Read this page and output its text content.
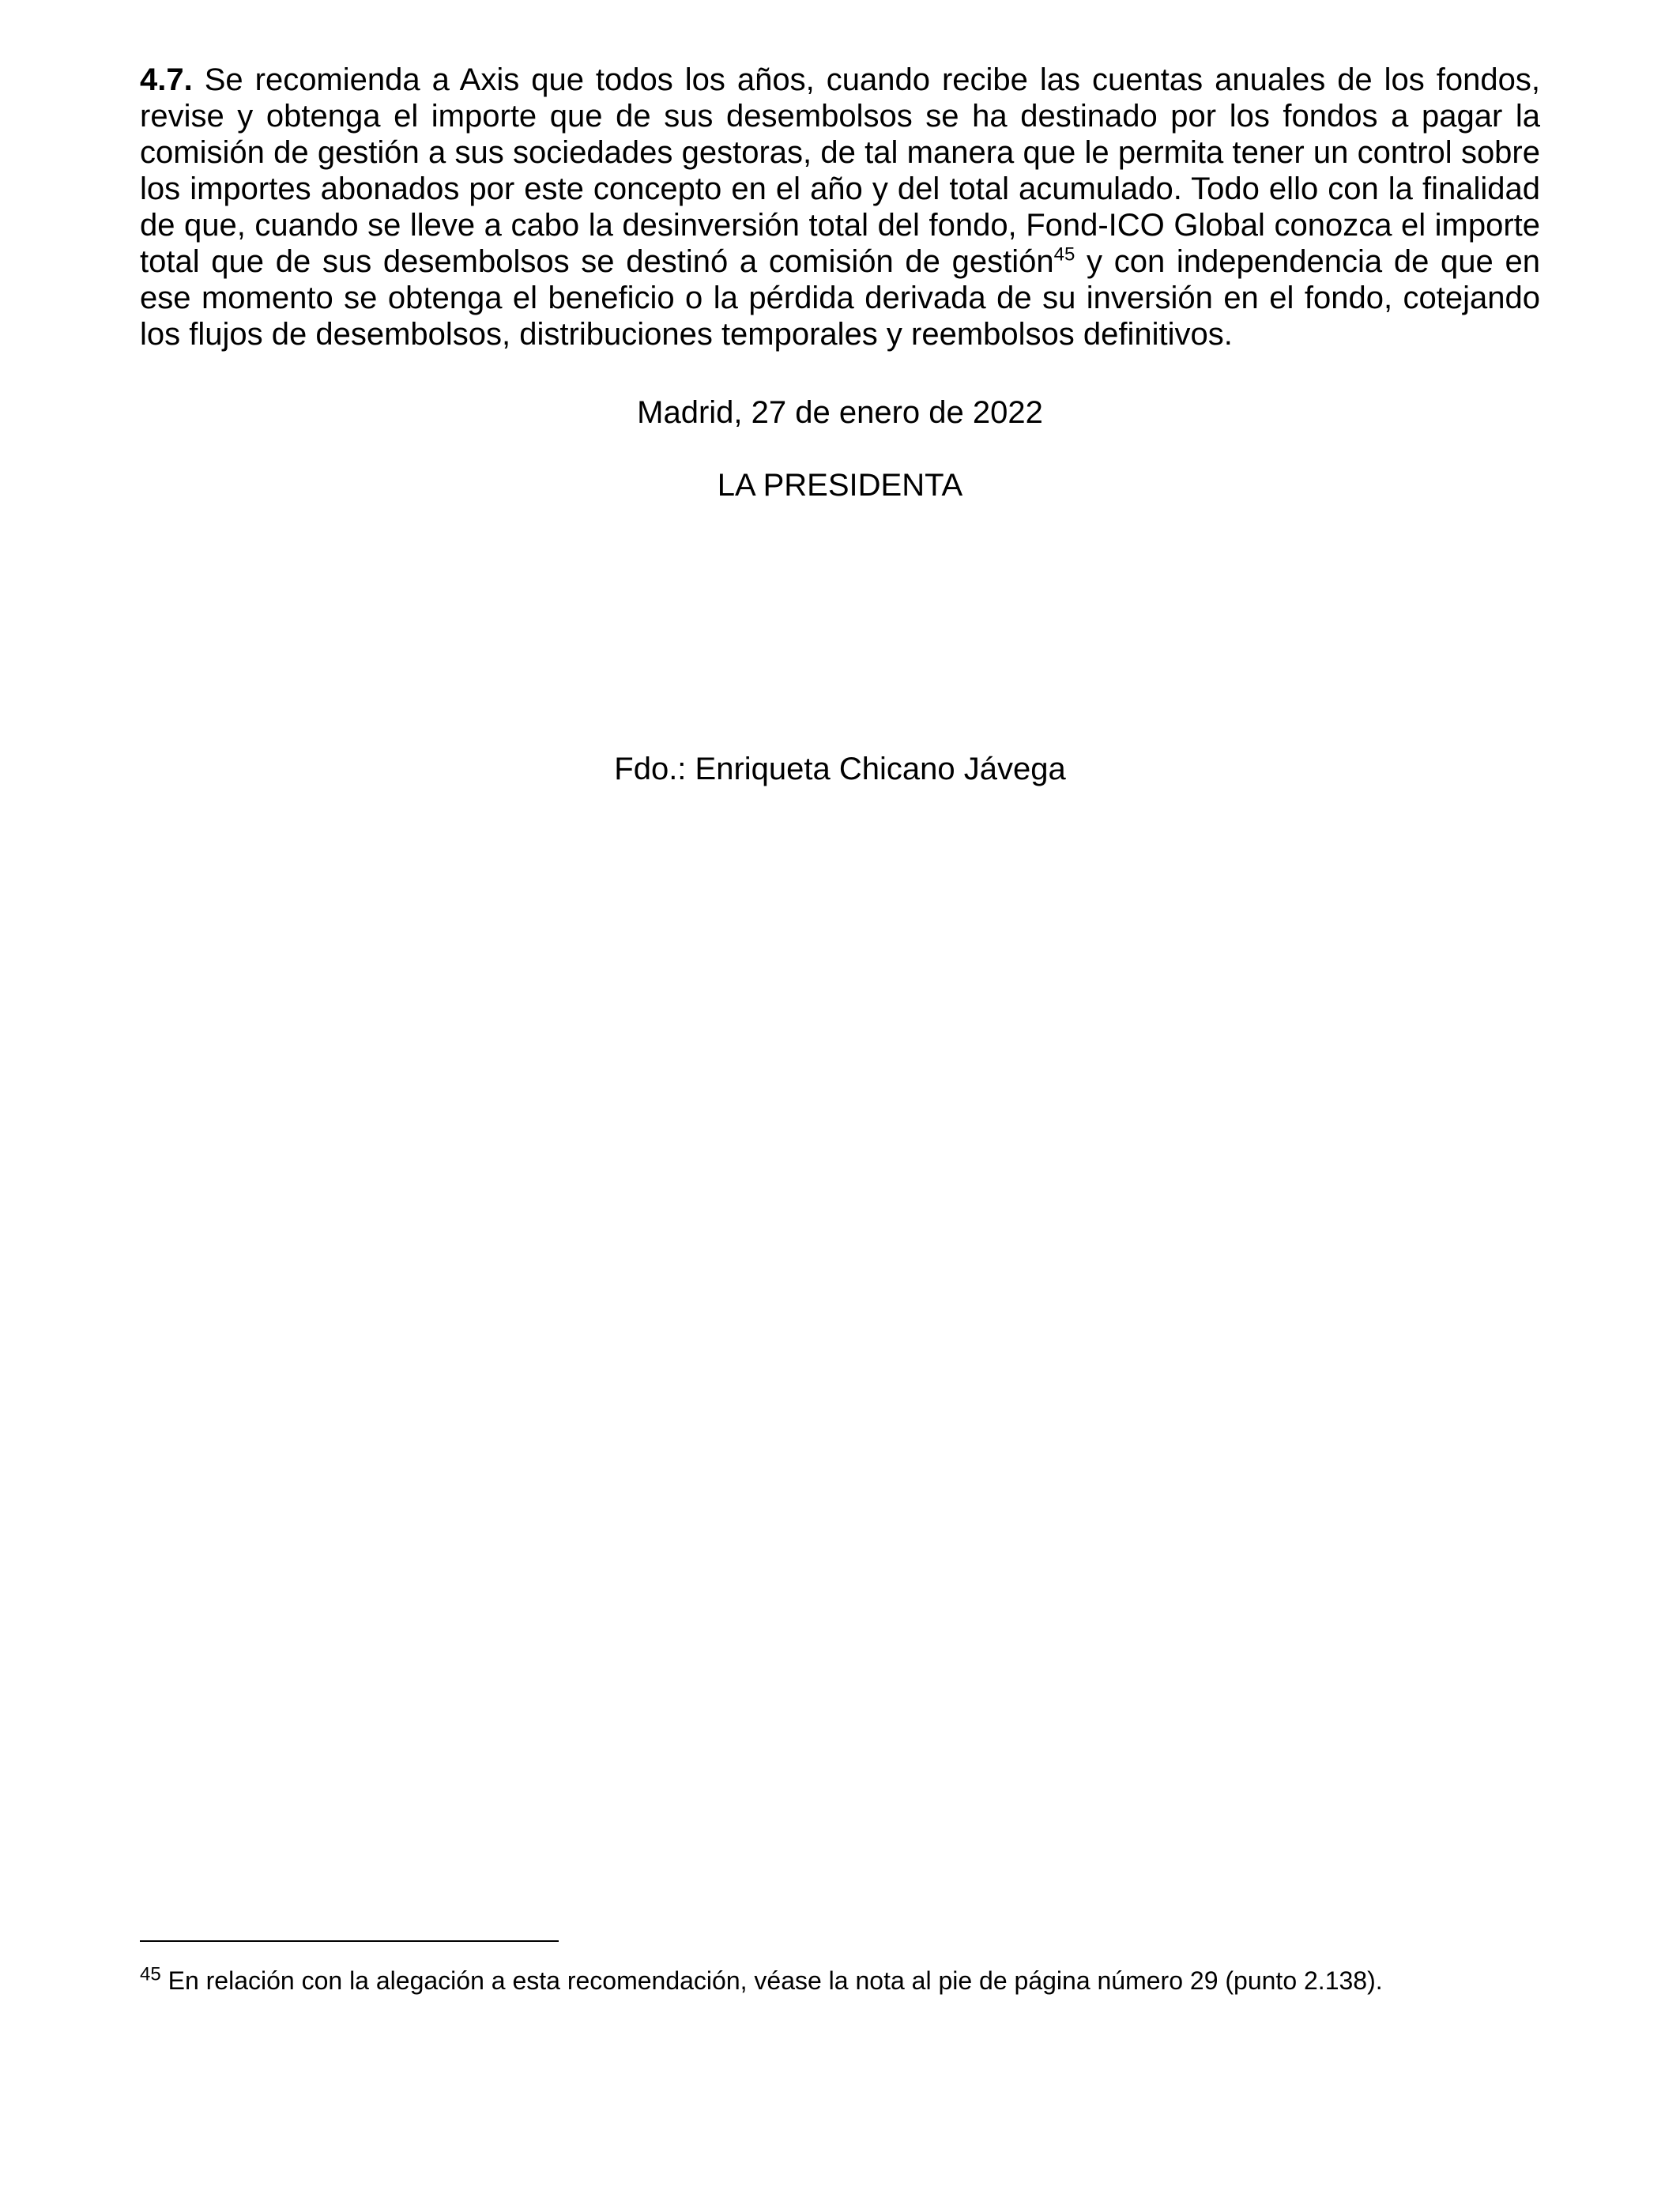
4.7. Se recomienda a Axis que todos los años, cuando recibe las cuentas anuales de los fondos, revise y obtenga el importe que de sus desembolsos se ha destinado por los fondos a pagar la comisión de gestión a sus sociedades gestoras, de tal manera que le permita tener un control sobre los importes abonados por este concepto en el año y del total acumulado. Todo ello con la finalidad de que, cuando se lleve a cabo la desinversión total del fondo, Fond-ICO Global conozca el importe total que de sus desembolsos se destinó a comisión de gestión$^{45}$ y con independencia de que en ese momento se obtenga el beneficio o la pérdida derivada de su inversión en el fondo, cotejando los flujos de desembolsos, distribuciones temporales y reembolsos definitivos.

Madrid, 27 de enero de 2022

LA PRESIDENTA

Fdo.: Enriqueta Chicano Jávega

$^{45}$ En relación con la alegación a esta recomendación, véase la nota al pie de página número 29 (punto 2.138).
